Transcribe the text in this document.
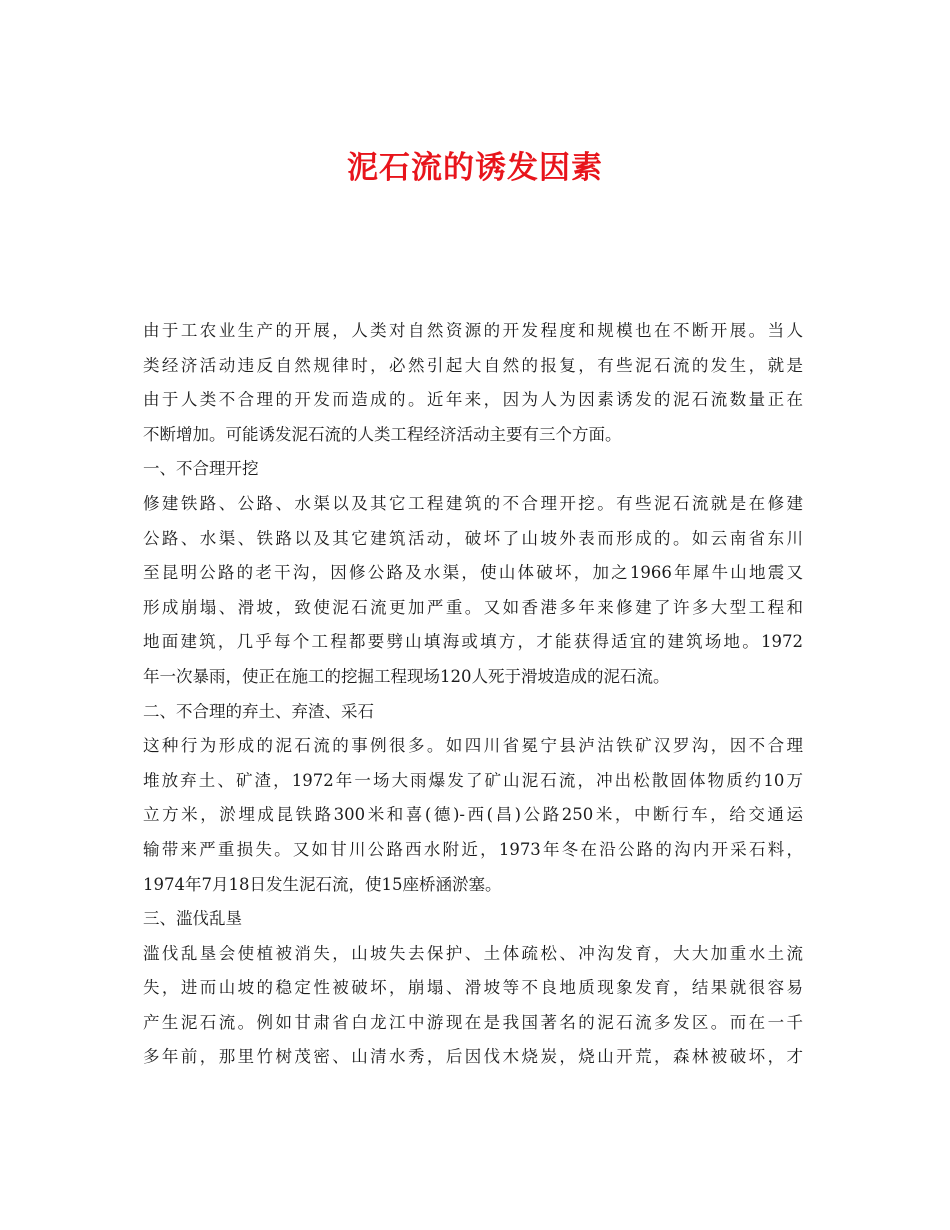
泥石流的诱发因素

由于工农业生产的开展，人类对自然资源的开发程度和规模也在不断开展。当人
类经济活动违反自然规律时，必然引起大自然的报复，有些泥石流的发生，就是
由于人类不合理的开发而造成的。近年来，因为人为因素诱发的泥石流数量正在
不断增加。可能诱发泥石流的人类工程经济活动主要有三个方面。

一、不合理开挖

修建铁路、公路、水渠以及其它工程建筑的不合理开挖。有些泥石流就是在修建
公路、水渠、铁路以及其它建筑活动，破坏了山坡外表而形成的。如云南省东川
至昆明公路的老干沟，因修公路及水渠，使山体破坏，加之1966年犀牛山地震又
形成崩塌、滑坡，致使泥石流更加严重。又如香港多年来修建了许多大型工程和
地面建筑，几乎每个工程都要劈山填海或填方，才能获得适宜的建筑场地。1972
年一次暴雨，使正在施工的挖掘工程现场120人死于滑坡造成的泥石流。

二、不合理的弃土、弃渣、采石

这种行为形成的泥石流的事例很多。如四川省冕宁县泸沽铁矿汉罗沟，因不合理
堆放弃土、矿渣，1972年一场大雨爆发了矿山泥石流，冲出松散固体物质约10万
立方米，淤埋成昆铁路300米和喜(德)-西(昌)公路250米，中断行车，给交通运
输带来严重损失。又如甘川公路西水附近，1973年冬在沿公路的沟内开采石料，
1974年7月18日发生泥石流，使15座桥涵淤塞。

三、滥伐乱垦

滥伐乱垦会使植被消失，山坡失去保护、土体疏松、冲沟发育，大大加重水土流
失，进而山坡的稳定性被破坏，崩塌、滑坡等不良地质现象发育，结果就很容易
产生泥石流。例如甘肃省白龙江中游现在是我国著名的泥石流多发区。而在一千
多年前，那里竹树茂密、山清水秀，后因伐木烧炭，烧山开荒，森林被破坏，才
